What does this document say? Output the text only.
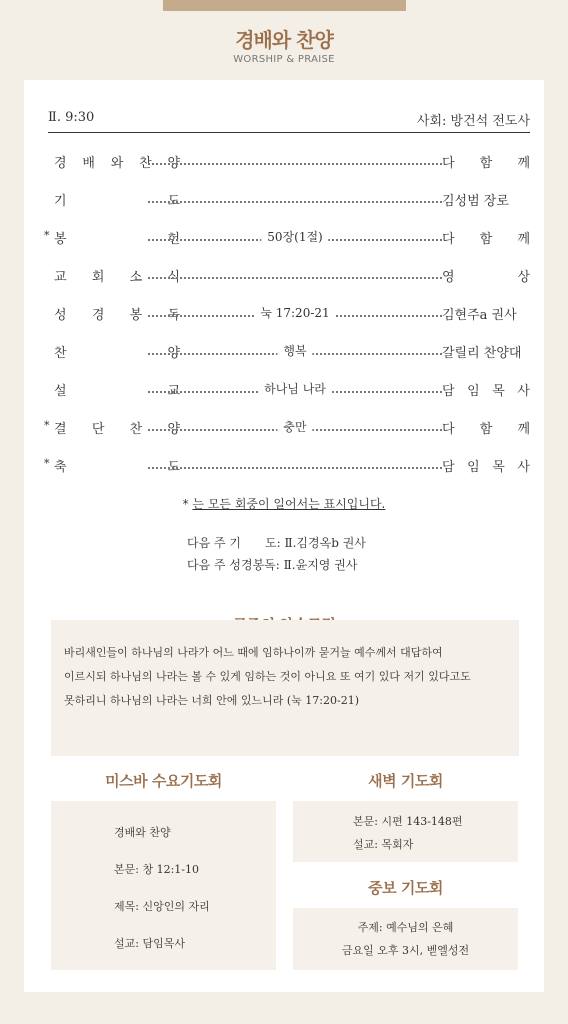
경배와 찬양
WORSHIP & PRAISE
Ⅱ. 9:30	사회: 방건석 전도사
경 배 와 찬 양	다 함 께
기	도	김성범 장로
* 봉	헌	50장(1절)	다 함 께
교 회 소 식	영	상
성 경 봉 독	눅 17:20-21	김현주a 권사
찬	양	행복	갈릴리 찬양대
설	교	하나님 나라	담 임 목 사
* 결 단 찬 양	충만	다 함 께
* 축	도	담 임 목 사
* 는 모든 회중이 일어서는 표시입니다.
다음 주 기　　도: Ⅱ.김경옥b 권사
다음 주 성경봉독: Ⅱ.윤지영 권사
바리새인들이 하나님의 나라가 어느 때에 임하나이까 묻거늘 예수께서 대답하여
이르시되 하나님의 나라는 볼 수 있게 임하는 것이 아니요 또 여기 있다 저기 있다고도
못하리니 하나님의 나라는 너희 안에 있느니라 (눅 17:20-21)
미스바 수요기도회
경배와 찬양
본문: 창 12:1-10
제목: 신앙인의 자리
설교: 담임목사
새벽 기도회
본문: 시편 143-148편
설교: 목회자
중보 기도회
주제: 예수님의 은혜
금요일 오후 3시, 벧엘성전
